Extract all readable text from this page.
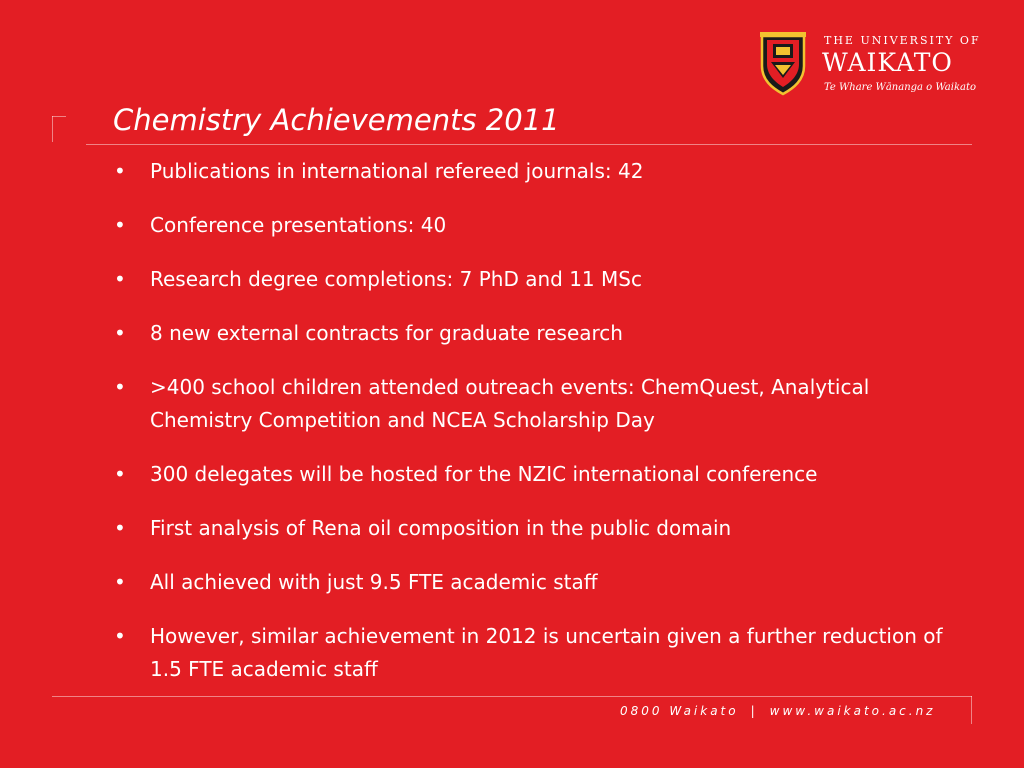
THE UNIVERSITY OF
WAIKATO
Te Whare Wānanga o Waikato
Chemistry Achievements 2011
• Publications in international refereed journals: 42
• Conference presentations: 40
• Research degree completions: 7 PhD and 11 MSc
• 8 new external contracts for graduate research
• >400 school children attended outreach events: ChemQuest, Analytical Chemistry Competition and NCEA Scholarship Day
• 300 delegates will be hosted for the NZIC international conference
• First analysis of Rena oil composition in the public domain
• All achieved with just 9.5 FTE academic staff
• However, similar achievement in 2012 is uncertain given a further reduction of 1.5 FTE academic staff
0800 Waikato | www.waikato.ac.nz
